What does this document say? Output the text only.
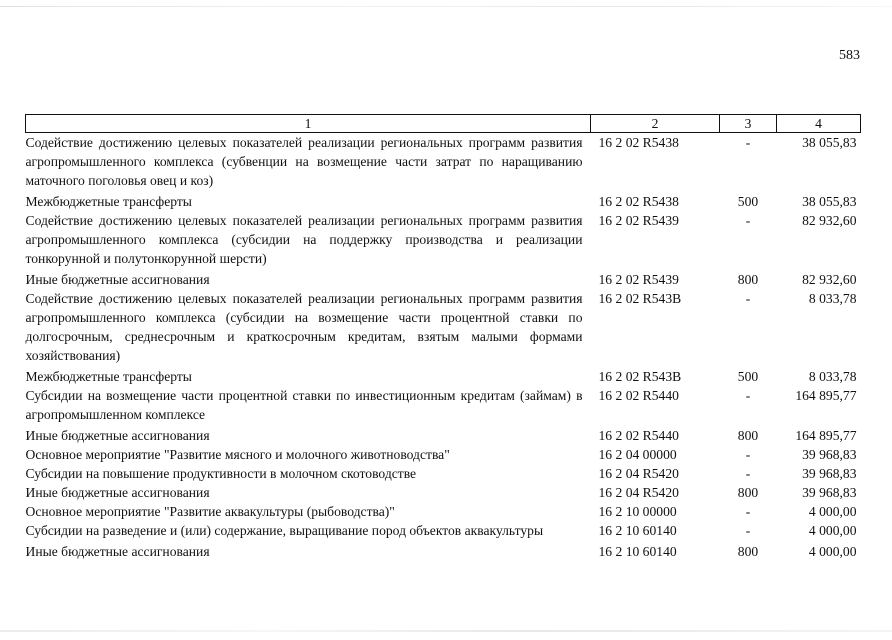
583
1	2	3	4
Содействие достижению целевых показателей реализации региональных программ развития агропромышленного комплекса (субвенции на возмещение части затрат по наращиванию маточного поголовья овец и коз)	16 2 02 R5438	-	38 055,83
Межбюджетные трансферты	16 2 02 R5438	500	38 055,83
Содействие достижению целевых показателей реализации региональных программ развития агропромышленного комплекса (субсидии на поддержку производства и реализации тонкорунной и полутонкорунной шерсти)	16 2 02 R5439	-	82 932,60
Иные бюджетные ассигнования	16 2 02 R5439	800	82 932,60
Содействие достижению целевых показателей реализации региональных программ развития агропромышленного комплекса (субсидии на возмещение части процентной ставки по долгосрочным, среднесрочным и краткосрочным кредитам, взятым малыми формами хозяйствования)	16 2 02 R543B	-	8 033,78
Межбюджетные трансферты	16 2 02 R543B	500	8 033,78
Субсидии на возмещение части процентной ставки по инвестиционным кредитам (займам) в агропромышленном комплексе	16 2 02 R5440	-	164 895,77
Иные бюджетные ассигнования	16 2 02 R5440	800	164 895,77
Основное мероприятие "Развитие мясного и молочного животноводства"	16 2 04 00000	-	39 968,83
Субсидии на повышение продуктивности в молочном скотоводстве	16 2 04 R5420	-	39 968,83
Иные бюджетные ассигнования	16 2 04 R5420	800	39 968,83
Основное мероприятие "Развитие аквакультуры (рыбоводства)"	16 2 10 00000	-	4 000,00
Субсидии на разведение и (или) содержание, выращивание пород объектов аквакультуры	16 2 10 60140	-	4 000,00
Иные бюджетные ассигнования	16 2 10 60140	800	4 000,00
